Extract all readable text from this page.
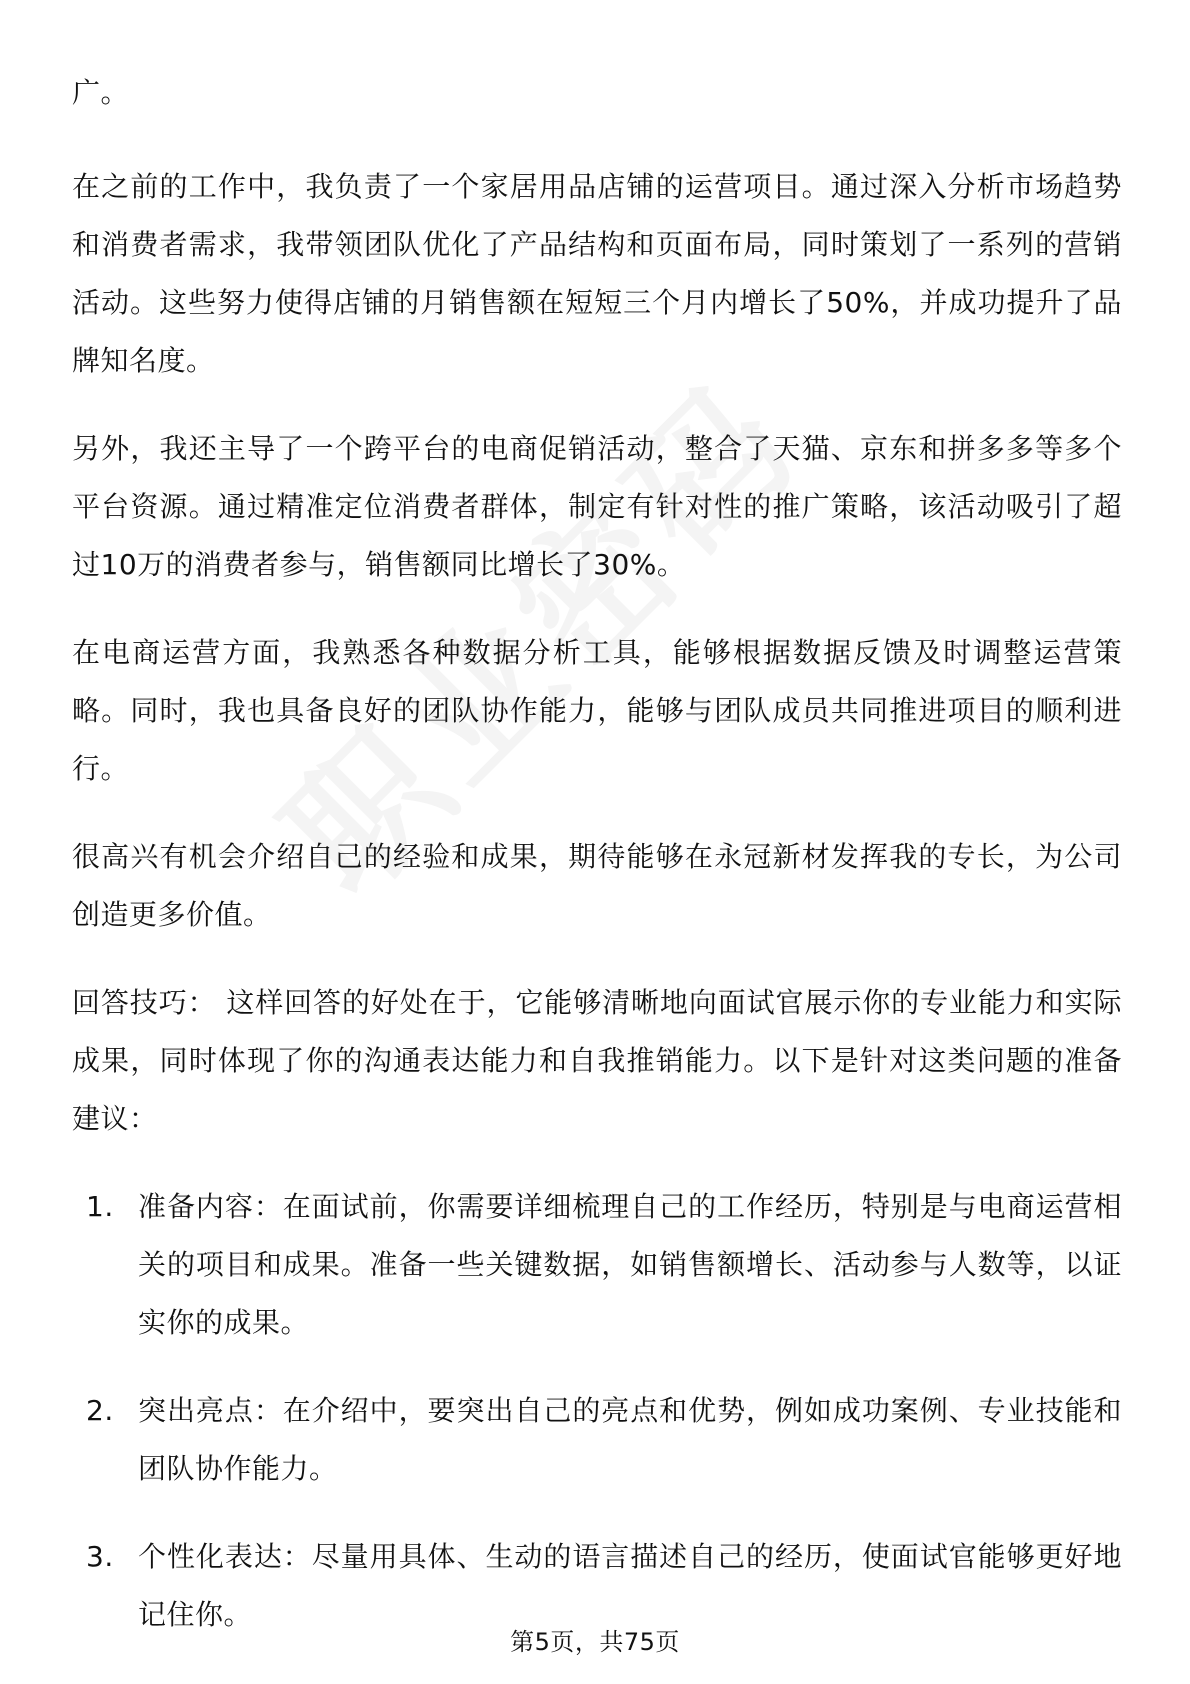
广。

在之前的工作中，我负责了一个家居用品店铺的运营项目。通过深入分析市场趋势和消费者需求，我带领团队优化了产品结构和页面布局，同时策划了一系列的营销活动。这些努力使得店铺的月销售额在短短三个月内增长了50%，并成功提升了品牌知名度。

另外，我还主导了一个跨平台的电商促销活动，整合了天猫、京东和拼多多等多个平台资源。通过精准定位消费者群体，制定有针对性的推广策略，该活动吸引了超过10万的消费者参与，销售额同比增长了30%。

在电商运营方面，我熟悉各种数据分析工具，能够根据数据反馈及时调整运营策略。同时，我也具备良好的团队协作能力，能够与团队成员共同推进项目的顺利进行。

很高兴有机会介绍自己的经验和成果，期待能够在永冠新材发挥我的专长，为公司创造更多价值。

回答技巧： 这样回答的好处在于，它能够清晰地向面试官展示你的专业能力和实际成果，同时体现了你的沟通表达能力和自我推销能力。以下是针对这类问题的准备建议：

1. 准备内容：在面试前，你需要详细梳理自己的工作经历，特别是与电商运营相关的项目和成果。准备一些关键数据，如销售额增长、活动参与人数等，以证实你的成果。
2. 突出亮点：在介绍中，要突出自己的亮点和优势，例如成功案例、专业技能和团队协作能力。
3. 个性化表达：尽量用具体、生动的语言描述自己的经历，使面试官能够更好地记住你。
第5页，共75页
